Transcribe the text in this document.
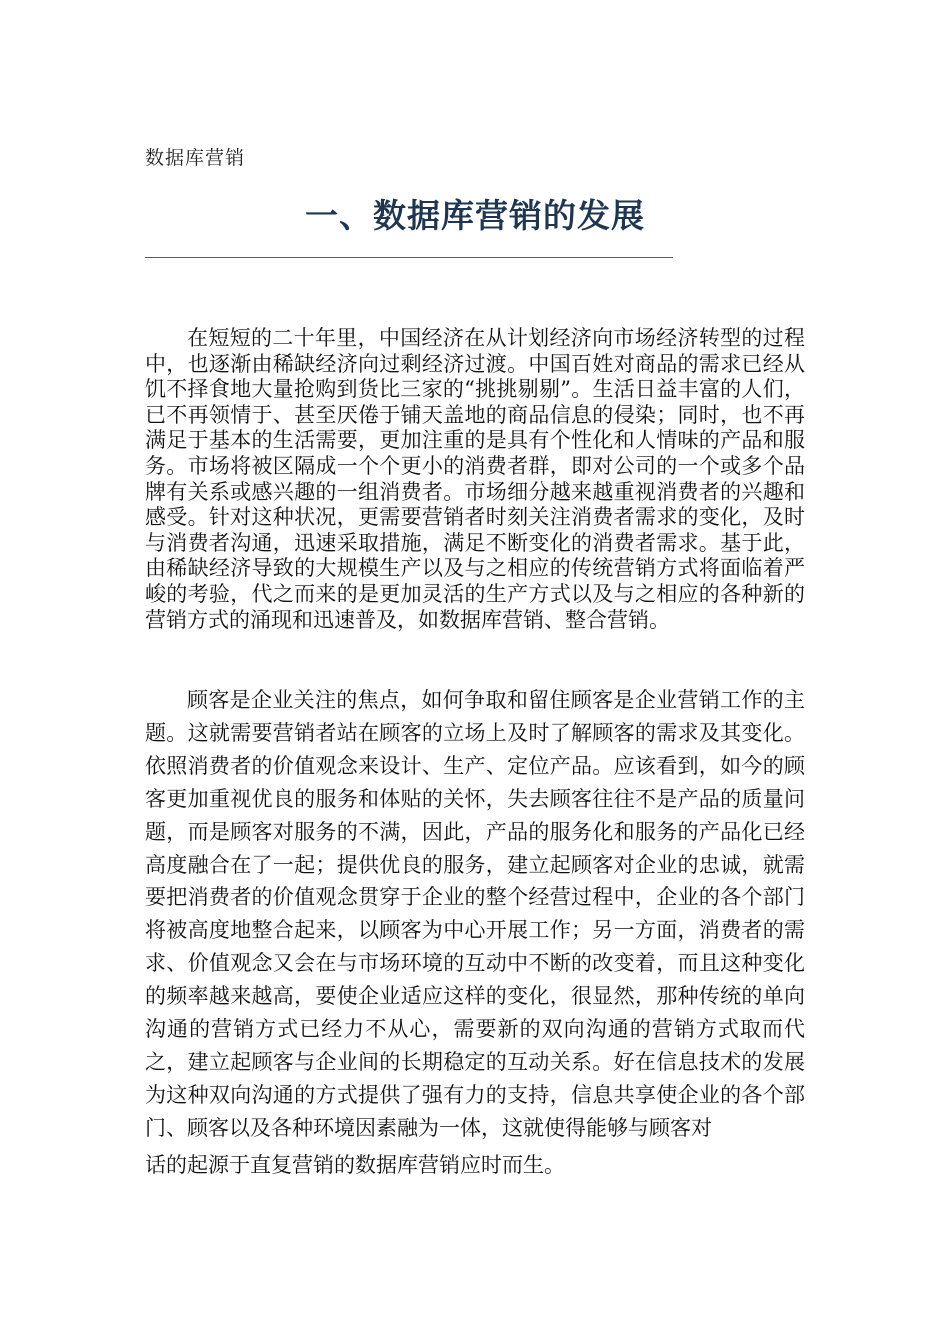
数据库营销
一、数据库营销的发展

在短短的二十年里，中国经济在从计划经济向市场经济转型的过程中，也逐渐由稀缺经济向过剩经济过渡。中国百姓对商品的需求已经从饥不择食地大量抢购到货比三家的“挑挑剔剔”。生活日益丰富的人们，已不再领情于、甚至厌倦于铺天盖地的商品信息的侵染；同时，也不再满足于基本的生活需要，更加注重的是具有个性化和人情味的产品和服务。市场将被区隔成一个个更小的消费者群，即对公司的一个或多个品牌有关系或感兴趣的一组消费者。市场细分越来越重视消费者的兴趣和感受。针对这种状况，更需要营销者时刻关注消费者需求的变化，及时与消费者沟通，迅速采取措施，满足不断变化的消费者需求。基于此，由稀缺经济导致的大规模生产以及与之相应的传统营销方式将面临着严峻的考验，代之而来的是更加灵活的生产方式以及与之相应的各种新的营销方式的涌现和迅速普及，如数据库营销、整合营销。

顾客是企业关注的焦点，如何争取和留住顾客是企业营销工作的主题。这就需要营销者站在顾客的立场上及时了解顾客的需求及其变化。依照消费者的价值观念来设计、生产、定位产品。应该看到，如今的顾客更加重视优良的服务和体贴的关怀，失去顾客往往不是产品的质量问题，而是顾客对服务的不满，因此，产品的服务化和服务的产品化已经高度融合在了一起；提供优良的服务，建立起顾客对企业的忠诚，就需要把消费者的价值观念贯穿于企业的整个经营过程中，企业的各个部门将被高度地整合起来，以顾客为中心开展工作；另一方面，消费者的需求、价值观念又会在与市场环境的互动中不断的改变着，而且这种变化的频率越来越高，要使企业适应这样的变化，很显然，那种传统的单向沟通的营销方式已经力不从心，需要新的双向沟通的营销方式取而代之，建立起顾客与企业间的长期稳定的互动关系。好在信息技术的发展为这种双向沟通的方式提供了强有力的支持，信息共享使企业的各个部门、顾客以及各种环境因素融为一体，这就使得能够与顾客对

话的起源于直复营销的数据库营销应时而生。
